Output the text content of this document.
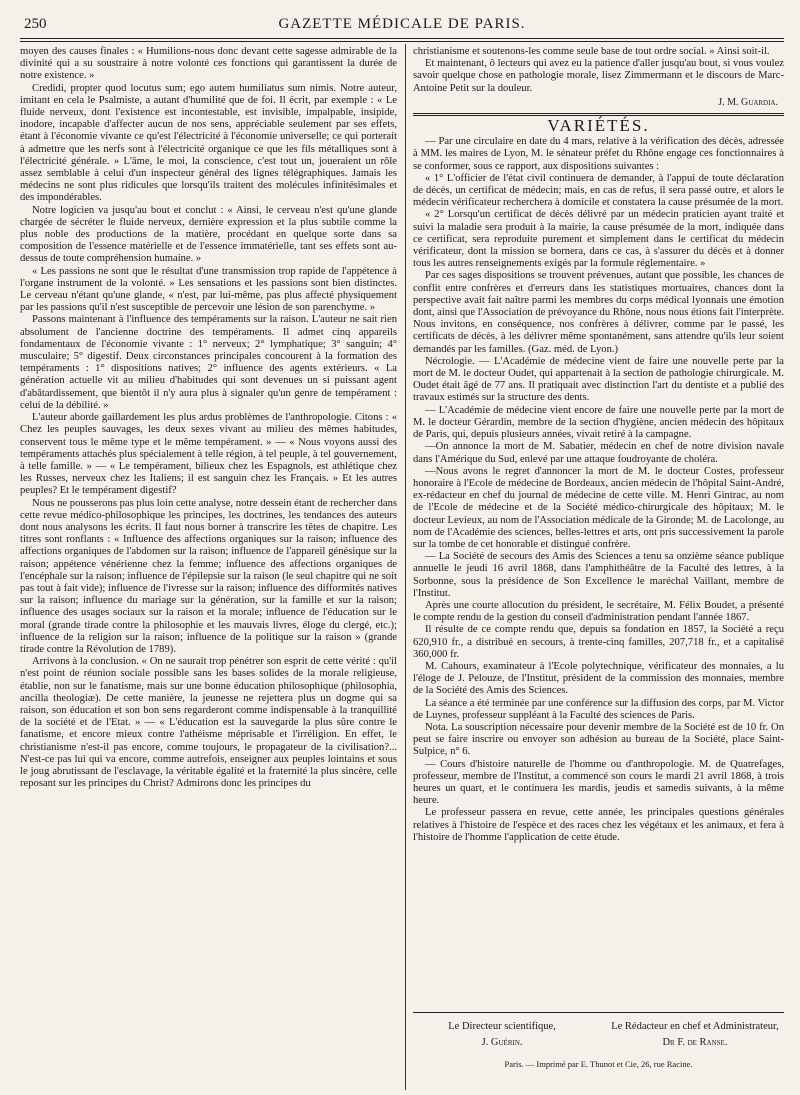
250	GAZETTE MÉDICALE DE PARIS.

moyen des causes finales : « Humilions-nous donc devant cette sagesse admirable de la divinité qui a su soustraire à notre volonté ces fonctions qui garantissent la durée de notre existence. »

Credidi, propter quod locutus sum; ego autem humiliatus sum nimis. Notre auteur, imitant en cela le Psalmiste, a autant d'humilité que de foi. Il écrit, par exemple : « Le fluide nerveux, dont l'existence est incontestable, est invisible, impalpable, insipide, inodore, incapable d'affecter aucun de nos sens, appréciable seulement par ses effets, étant à l'économie vivante ce qu'est l'électricité à l'économie universelle; ce qui porterait à admettre que les nerfs sont à l'électricité organique ce que les fils métalliques sont à l'électricité générale. » L'âme, le moi, la conscience, c'est tout un, joueraient un rôle assez semblable à celui d'un inspecteur général des lignes télégraphiques. Jamais les médecins ne sont plus ridicules que lorsqu'ils traitent des molécules infinitésimales et des impondérables.

Notre logicien va jusqu'au bout et conclut : « Ainsi, le cerveau n'est qu'une glande chargée de sécréter le fluide nerveux, dernière expression et la plus subtile comme la plus noble des productions de la matière, procédant en quelque sorte dans sa composition de l'essence matérielle et de l'essence immatérielle, tant ses effets sont au-dessus de toute compréhension humaine. »

« Les passions ne sont que le résultat d'une transmission trop rapide de l'appétence à l'organe instrument de la volonté. » Les sensations et les passions sont bien distinctes. Le cerveau n'étant qu'une glande, « n'est, par lui-même, pas plus affecté physiquement par les passions qu'il n'est susceptible de percevoir une lésion de son parenchyme. »

Passons maintenant à l'influence des tempéraments sur la raison. L'auteur ne sait rien absolument de l'ancienne doctrine des tempéraments. Il admet cinq appareils fondamentaux de l'économie vivante : 1° nerveux; 2° lymphatique; 3° sanguin; 4° musculaire; 5° digestif. Deux circonstances principales concourent à la formation des tempéraments : 1° dispositions natives; 2° influence des agents extérieurs. « La génération actuelle vit au milieu d'habitudes qui sont devenues un si puissant agent d'abâtardissement, que bientôt il n'y aura plus à signaler qu'un genre de tempérament : celui de la débilité. »

L'auteur aborde gaillardement les plus ardus problèmes de l'anthropologie. Citons : « Chez les peuples sauvages, les deux sexes vivant au milieu des mêmes habitudes, conservent tous le même type et le même tempérament. » — « Nous voyons aussi des tempéraments attachés plus spécialement à telle région, à tel peuple, à tel gouvernement, à telle famille. » — « Le tempérament, bilieux chez les Espagnols, est athlétique chez les Russes, nerveux chez les Italiens; il est sanguin chez les Français. » Et les autres peuples? Et le tempérament digestif?

Nous ne pousserons pas plus loin cette analyse, notre dessein étant de rechercher dans cette revue médico-philosophique les principes, les doctrines, les tendances des auteurs dont nous analysons les écrits. Il faut nous borner à transcrire les têtes de chapitre. Les titres sont ronflants : « Influence des affections organiques sur la raison; influence des affections organiques de l'abdomen sur la raison; influence de l'appareil génésique sur la raison; appétence vénérienne chez la femme; influence des affections organiques de l'encéphale sur la raison; influence de l'épilepsie sur la raison (le seul chapitre qui ne soit pas tout à fait vide); influence de l'ivresse sur la raison; influence des difformités natives sur la raison; influence du mariage sur la génération, sur la famille et sur la raison; influence des usages sociaux sur la raison et la morale; influence de l'éducation sur le moral (grande tirade contre la philosophie et les mauvais livres, éloge du clergé, etc.); influence de la religion sur la raison; influence de la politique sur la raison » (grande tirade contre la Révolution de 1789).

Arrivons à la conclusion. « On ne saurait trop pénétrer son esprit de cette vérité : qu'il n'est point de réunion sociale possible sans les bases solides de la morale religieuse, établie, non sur le fanatisme, mais sur une bonne éducation philosophique (philosophia, ancilla theologiæ). De cette manière, la jeunesse ne rejettera plus un dogme qui sa raison, son éducation et son bon sens regarderont comme indispensable à la tranquillité de la société et de l'Etat. » — « L'éducation est la sauvegarde la plus sûre contre le fanatisme, et encore mieux contre l'athéisme méprisable et l'irréligion. En effet, le christianisme n'est-il pas encore, comme toujours, le propagateur de la civilisation?... N'est-ce pas lui qui va encore, comme autrefois, enseigner aux peuples lointains et sous le joug abrutissant de l'esclavage, la véritable égalité et la fraternité la plus sincère, celle reposant sur les principes du Christ? Admirons donc les principes du

christianisme et soutenons-les comme seule base de tout ordre social. » Ainsi soit-il.

Et maintenant, ô lecteurs qui avez eu la patience d'aller jusqu'au bout, si vous voulez savoir quelque chose en pathologie morale, lisez Zimmermann et le discours de Marc-Antoine Petit sur la douleur.

J. M. Guardia.
VARIÉTÉS.

— Par une circulaire en date du 4 mars, relative à la vérification des décès, adressée à MM. les maires de Lyon, M. le sénateur préfet du Rhône engage ces fonctionnaires à se conformer, sous ce rapport, aux dispositions suivantes :

« 1° L'officier de l'état civil continuera de demander, à l'appui de toute déclaration de décès, un certificat de médecin; mais, en cas de refus, il sera passé outre, et alors le médecin vérificateur recherchera à domicile et constatera la cause présumée de la mort.

« 2° Lorsqu'un certificat de décès délivré par un médecin praticien ayant traité et suivi la maladie sera produit à la mairie, la cause présumée de la mort, indiquée dans ce certificat, sera reproduite purement et simplement dans le certificat du médecin vérificateur, dont la mission se bornera, dans ce cas, à s'assurer du décès et à donner tous les autres renseignements exigés par la formule réglementaire. »

Par ces sages dispositions se trouvent prévenues, autant que possible, les chances de conflit entre confrères et d'erreurs dans les statistiques mortuaires, chances dont la perspective avait fait naître parmi les membres du corps médical lyonnais une émotion dont, ainsi que l'Association de prévoyance du Rhône, nous nous étions fait l'interprète. Nous invitons, en conséquence, nos confrères à délivrer, comme par le passé, les certificats de décès, à les délivrer même spontanément, sans attendre qu'ils leur soient demandés par les familles. (Gaz. méd. de Lyon.)

Nécrologie. — L'Académie de médecine vient de faire une nouvelle perte par la mort de M. le docteur Oudet, qui appartenait à la section de pathologie chirurgicale. M. Oudet était âgé de 77 ans. Il pratiquait avec distinction l'art du dentiste et a publié des travaux estimés sur la structure des dents.

— L'Académie de médecine vient encore de faire une nouvelle perte par la mort de M. le docteur Gérardin, membre de la section d'hygiène, ancien médecin des hôpitaux de Paris, qui, depuis plusieurs années, vivait retiré à la campagne.

—On annonce la mort de M. Sabatier, médecin en chef de notre division navale dans l'Amérique du Sud, enlevé par une attaque foudroyante de choléra.

—Nous avons le regret d'annoncer la mort de M. le docteur Costes, professeur honoraire à l'Ecole de médecine de Bordeaux, ancien médecin de l'hôpital Saint-André, ex-rédacteur en chef du journal de médecine de cette ville. M. Henri Gintrac, au nom de l'Ecole de médecine et de la Société médico-chirurgicale des hôpitaux; M. le docteur Levieux, au nom de l'Association médicale de la Gironde; M. de Lacolonge, au nom de l'Académie des sciences, belles-lettres et arts, ont pris successivement la parole sur la tombe de cet honorable et distingué confrère.

— La Société de secours des Amis des Sciences a tenu sa onzième séance publique annuelle le jeudi 16 avril 1868, dans l'amphithéâtre de la Faculté des lettres, à la Sorbonne, sous la présidence de Son Excellence le maréchal Vaillant, membre de l'Institut.

Après une courte allocution du président, le secrétaire, M. Félix Boudet, a présenté le compte rendu de la gestion du conseil d'administration pendant l'année 1867.

Il résulte de ce compte rendu que, depuis sa fondation en 1857, la Société a reçu 620,910 fr., a distribué en secours, à trente-cinq familles, 207,718 fr., et a capitalisé 360,000 fr.

M. Cahours, examinateur à l'Ecole polytechnique, vérificateur des monnaies, a lu l'éloge de J. Pelouze, de l'Institut, président de la commission des monnaies, membre de la Société des Amis des Sciences.

La séance a été terminée par une conférence sur la diffusion des corps, par M. Victor de Luynes, professeur suppléant à la Faculté des sciences de Paris.

Nota. La souscription nécessaire pour devenir membre de la Société est de 10 fr. On peut se faire inscrire ou envoyer son adhésion au bureau de la Société, place Saint-Sulpice, n° 6.

— Cours d'histoire naturelle de l'homme ou d'anthropologie. M. de Quatrefages, professeur, membre de l'Institut, a commencé son cours le mardi 21 avril 1868, à trois heures un quart, et le continuera les mardis, jeudis et samedis suivants, à la même heure.

Le professeur passera en revue, cette année, les principales questions générales relatives à l'histoire de l'espèce et des races chez les végétaux et les animaux, et fera à l'histoire de l'homme l'application de cette étude.

Le Directeur scientifique,
J. Guérin.
Le Rédacteur en chef et Administrateur,
Dr F. de Ranse.
Paris. — Imprimé par E. Thunot et Cie, 26, rue Racine.
